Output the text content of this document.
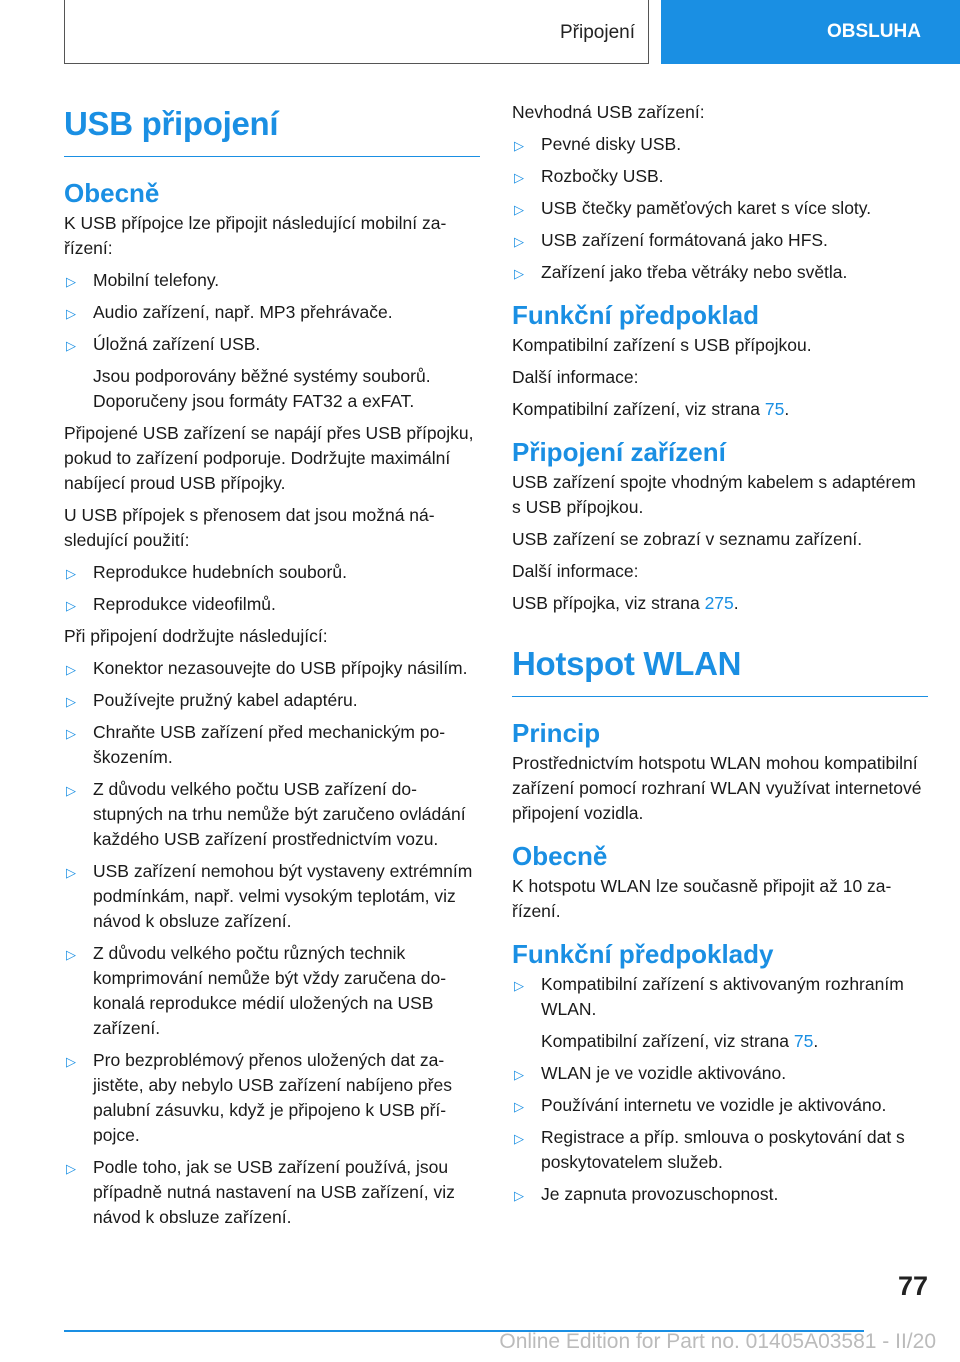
Připojení	OBSLUHA
USB připojení
Obecně

K USB přípojce lze připojit následující mobilní zařízení:

▷ Mobilní telefony.
▷ Audio zařízení, např. MP3 přehrávače.
▷ Úložná zařízení USB.
Jsou podporovány běžné systémy souborů. Doporučeny jsou formáty FAT32 a exFAT.

Připojené USB zařízení se napájí přes USB přípojku, pokud to zařízení podporuje. Dodržujte maximální nabíjecí proud USB přípojky.

U USB přípojek s přenosem dat jsou možná následující použití:

▷ Reprodukce hudebních souborů.
▷ Reprodukce videofilmů.

Při připojení dodržujte následující:

▷ Konektor nezasouvejte do USB přípojky násilím.
▷ Používejte pružný kabel adaptéru.
▷ Chraňte USB zařízení před mechanickým poškozením.
▷ Z důvodu velkého počtu USB zařízení dostupných na trhu nemůže být zaručeno ovládání každého USB zařízení prostřednictvím vozu.
▷ USB zařízení nemohou být vystaveny extrémním podmínkám, např. velmi vysokým teplotám, viz návod k obsluze zařízení.
▷ Z důvodu velkého počtu různých technik komprimování nemůže být vždy zaručena dokonalá reprodukce médií uložených na USB zařízení.
▷ Pro bezproblémový přenos uložených dat zajistěte, aby nebylo USB zařízení nabíjeno přes palubní zásuvku, když je připojeno k USB přípojce.
▷ Podle toho, jak se USB zařízení používá, jsou případně nutná nastavení na USB zařízení, viz návod k obsluze zařízení.

Nevhodná USB zařízení:

▷ Pevné disky USB.
▷ Rozbočky USB.
▷ USB čtečky paměťových karet s více sloty.
▷ USB zařízení formátovaná jako HFS.
▷ Zařízení jako třeba větráky nebo světla.
Funkční předpoklad

Kompatibilní zařízení s USB přípojkou.

Další informace:

Kompatibilní zařízení, viz strana 75.

Připojení zařízení

USB zařízení spojte vhodným kabelem s adaptérem s USB přípojkou.

USB zařízení se zobrazí v seznamu zařízení.

Další informace:

USB přípojka, viz strana 275.

Hotspot WLAN
Princip

Prostřednictvím hotspotu WLAN mohou kompatibilní zařízení pomocí rozhraní WLAN využívat internetové připojení vozidla.

Obecně

K hotspotu WLAN lze současně připojit až 10 zařízení.

Funkční předpoklady
▷ Kompatibilní zařízení s aktivovaným rozhraním WLAN.
Kompatibilní zařízení, viz strana 75.
▷ WLAN je ve vozidle aktivováno.
▷ Používání internetu ve vozidle je aktivováno.
▷ Registrace a příp. smlouva o poskytování dat s poskytovatelem služeb.
▷ Je zapnuta provozuschopnost.
77
Online Edition for Part no. 01405A03581 - II/20
